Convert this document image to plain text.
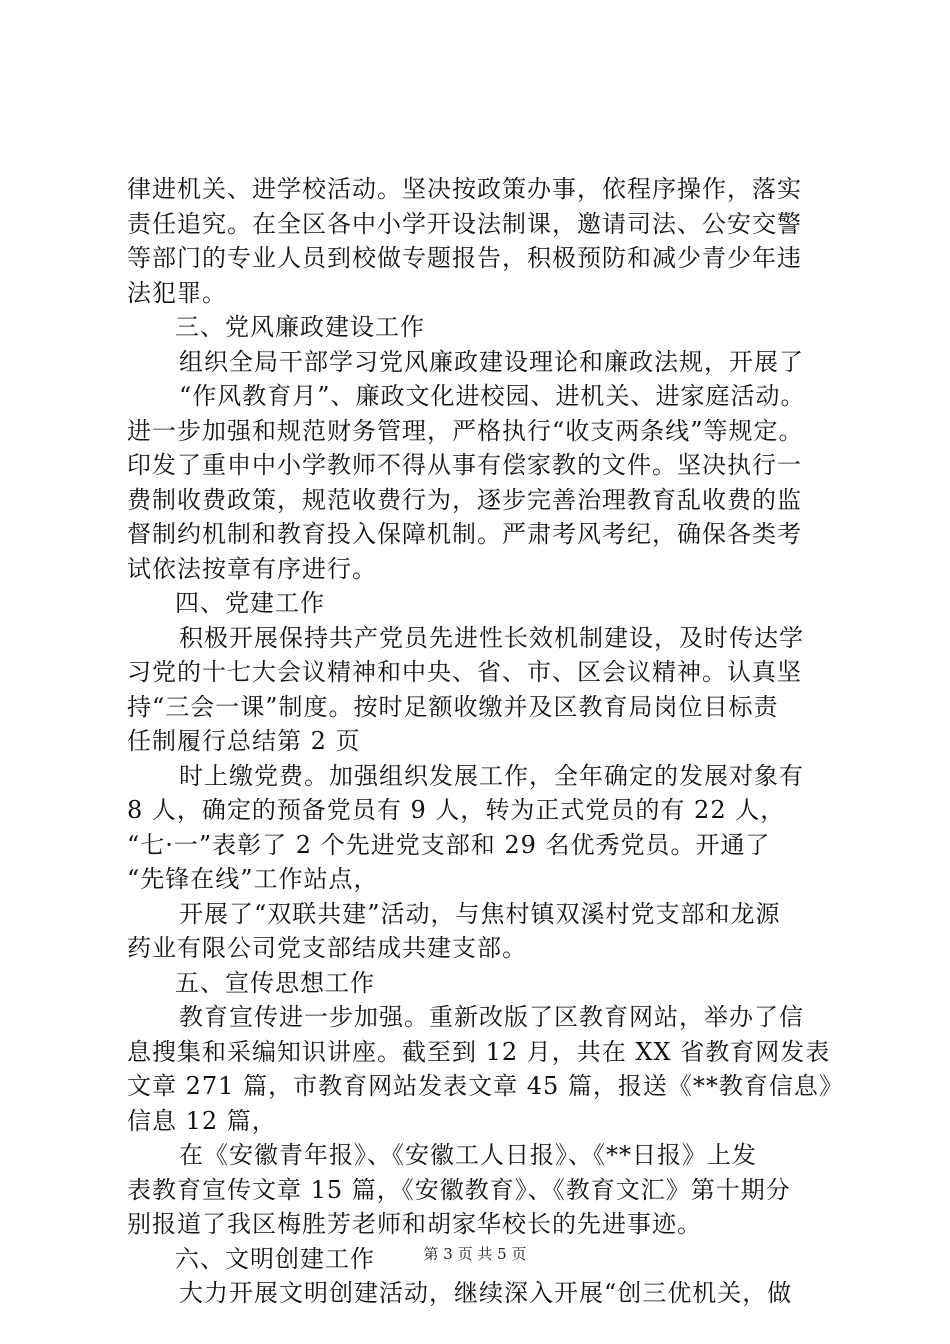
律进机关、进学校活动。坚决按政策办事，依程序操作，落实
责任追究。在全区各中小学开设法制课，邀请司法、公安交警
等部门的专业人员到校做专题报告，积极预防和减少青少年违
法犯罪。
三、党风廉政建设工作
组织全局干部学习党风廉政建设理论和廉政法规，开展了
“作风教育月”、廉政文化进校园、进机关、进家庭活动。
进一步加强和规范财务管理，严格执行“收支两条线”等规定。
印发了重申中小学教师不得从事有偿家教的文件。坚决执行一
费制收费政策，规范收费行为，逐步完善治理教育乱收费的监
督制约机制和教育投入保障机制。严肃考风考纪，确保各类考
试依法按章有序进行。
四、党建工作
积极开展保持共产党员先进性长效机制建设，及时传达学
习党的十七大会议精神和中央、省、市、区会议精神。认真坚
持“三会一课”制度。按时足额收缴并及区教育局岗位目标责
任制履行总结第 2 页
时上缴党费。加强组织发展工作，全年确定的发展对象有
8 人，确定的预备党员有 9 人，转为正式党员的有 22 人，
“七·一”表彰了 2 个先进党支部和 29 名优秀党员。开通了
“先锋在线”工作站点，
开展了“双联共建”活动，与焦村镇双溪村党支部和龙源
药业有限公司党支部结成共建支部。
五、宣传思想工作
教育宣传进一步加强。重新改版了区教育网站，举办了信
息搜集和采编知识讲座。截至到 12 月，共在 XX 省教育网发表
文章 271 篇，市教育网站发表文章 45 篇，报送《**教育信息》
信息 12 篇，
在《安徽青年报》、《安徽工人日报》、《**日报》上发
表教育宣传文章 15 篇，《安徽教育》、《教育文汇》第十期分
别报道了我区梅胜芳老师和胡家华校长的先进事迹。
六、文明创建工作
大力开展文明创建活动，继续深入开展“创三优机关，做
第 3 页 共 5 页
